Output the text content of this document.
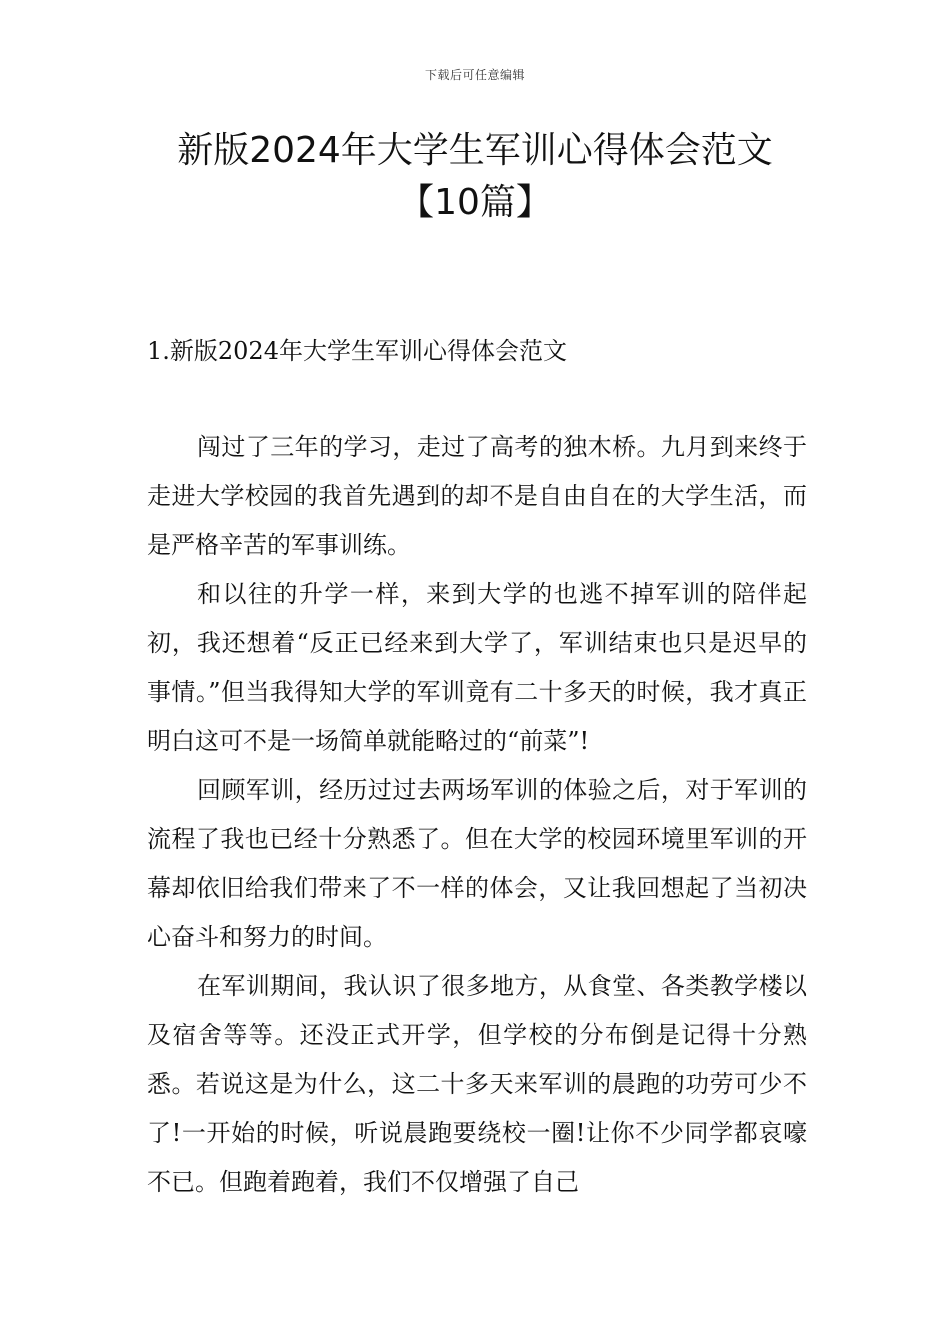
下载后可任意编辑
新版2024年大学生军训心得体会范文【10篇】
1.新版2024年大学生军训心得体会范文

闯过了三年的学习，走过了高考的独木桥。九月到来终于走进大学校园的我首先遇到的却不是自由自在的大学生活，而是严格辛苦的军事训练。

和以往的升学一样，来到大学的也逃不掉军训的陪伴起初，我还想着“反正已经来到大学了，军训结束也只是迟早的事情。”但当我得知大学的军训竟有二十多天的时候，我才真正明白这可不是一场简单就能略过的“前菜”!

回顾军训，经历过过去两场军训的体验之后，对于军训的流程了我也已经十分熟悉了。但在大学的校园环境里军训的开幕却依旧给我们带来了不一样的体会，又让我回想起了当初决心奋斗和努力的时间。

在军训期间，我认识了很多地方，从食堂、各类教学楼以及宿舍等等。还没正式开学，但学校的分布倒是记得十分熟悉。若说这是为什么，这二十多天来军训的晨跑的功劳可少不了!一开始的时候，听说晨跑要绕校一圈!让你不少同学都哀嚎不已。但跑着跑着，我们不仅增强了自己
